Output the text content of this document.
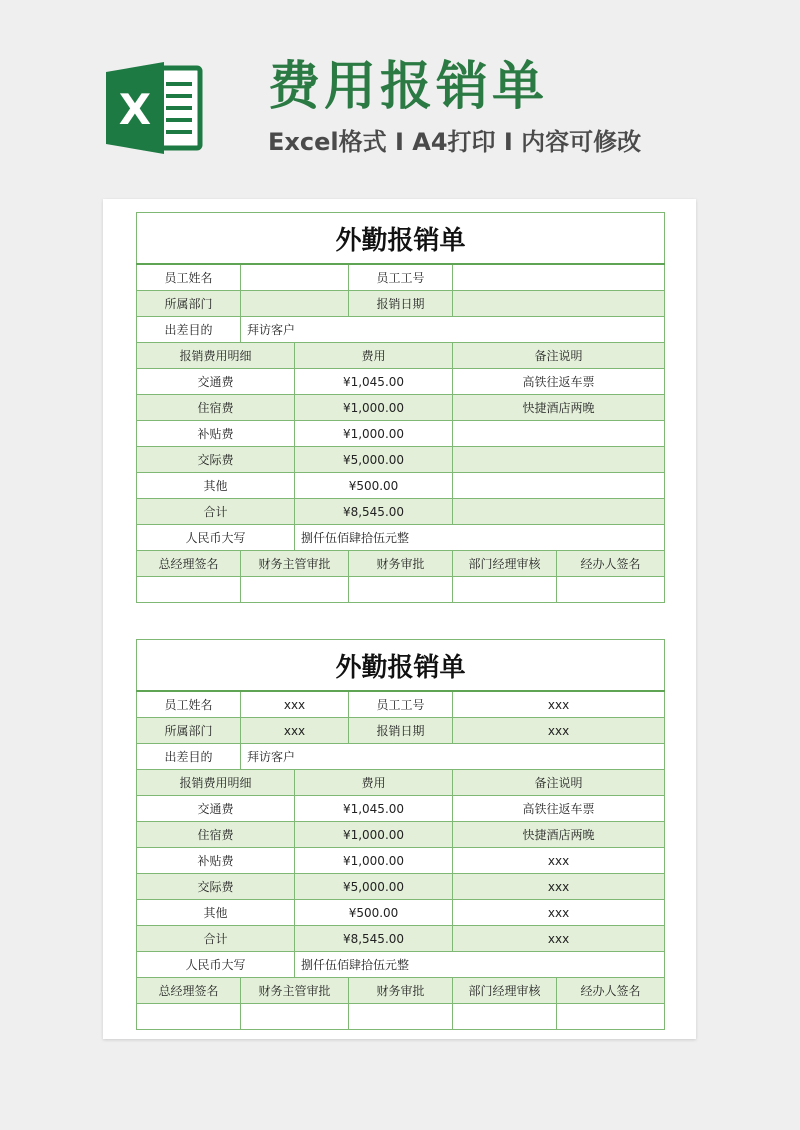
X 费用报销单
Excel格式 I A4打印 I 内容可修改
外勤报销单					
员工姓名			员工工号		
所属部门			报销日期		
出差目的	拜访客户				
报销费用明细		费用		备注说明	
交通费		¥1,045.00		高铁往返车票	
住宿费		¥1,000.00		快捷酒店两晚	
补贴费		¥1,000.00			
交际费		¥5,000.00			
其他		¥500.00			
合计		¥8,545.00			
人民币大写		捌仟伍佰肆拾伍元整			
总经理签名	财务主管审批		财务审批	部门经理审核	经办人签名

外勤报销单					
员工姓名	xxx		员工工号	xxx	
所属部门	xxx		报销日期	xxx	
出差目的	拜访客户				
报销费用明细		费用		备注说明	
交通费		¥1,045.00		高铁往返车票	
住宿费		¥1,000.00		快捷酒店两晚	
补贴费		¥1,000.00		xxx	
交际费		¥5,000.00		xxx	
其他		¥500.00		xxx	
合计		¥8,545.00		xxx	
人民币大写		捌仟伍佰肆拾伍元整			
总经理签名	财务主管审批		财务审批	部门经理审核	经办人签名
